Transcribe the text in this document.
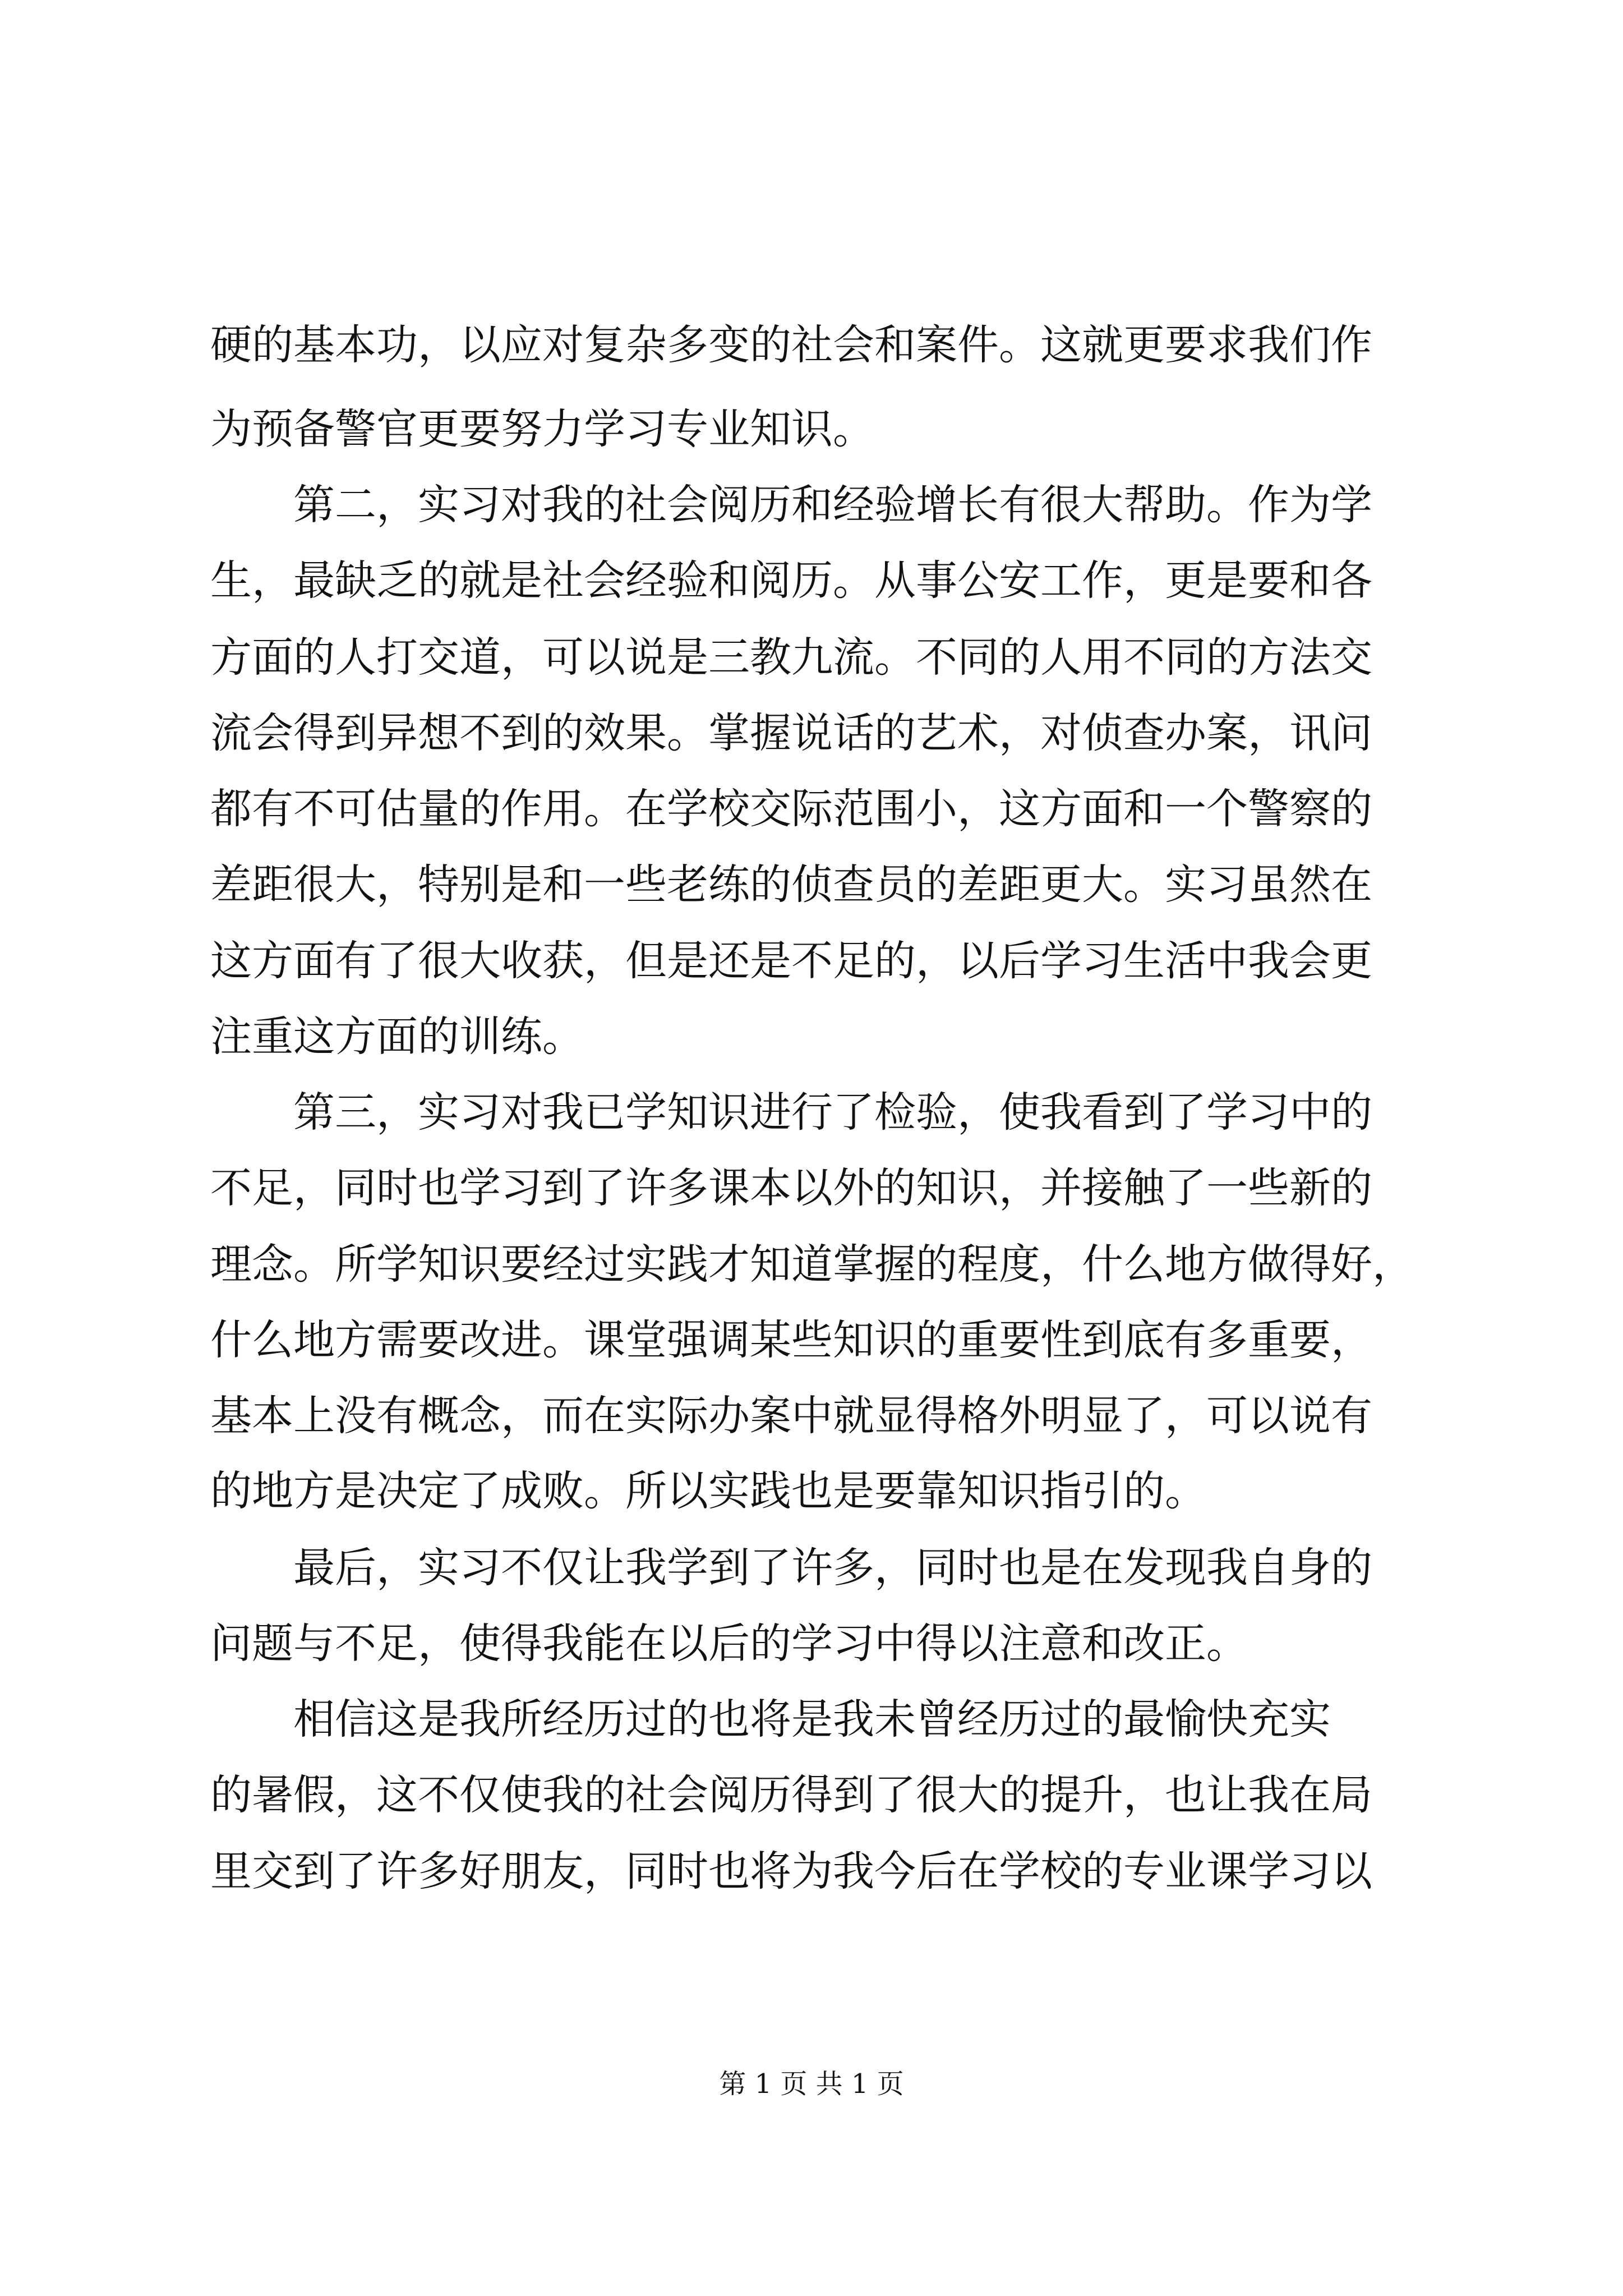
硬的基本功，以应对复杂多变的社会和案件。这就更要求我们作
为预备警官更要努力学习专业知识。
　　第二，实习对我的社会阅历和经验增长有很大帮助。作为学
生，最缺乏的就是社会经验和阅历。从事公安工作，更是要和各
方面的人打交道，可以说是三教九流。不同的人用不同的方法交
流会得到异想不到的效果。掌握说话的艺术，对侦查办案，讯问
都有不可估量的作用。在学校交际范围小，这方面和一个警察的
差距很大，特别是和一些老练的侦查员的差距更大。实习虽然在
这方面有了很大收获，但是还是不足的，以后学习生活中我会更
注重这方面的训练。
　　第三，实习对我已学知识进行了检验，使我看到了学习中的
不足，同时也学习到了许多课本以外的知识，并接触了一些新的
理念。所学知识要经过实践才知道掌握的程度，什么地方做得好，
什么地方需要改进。课堂强调某些知识的重要性到底有多重要，
基本上没有概念，而在实际办案中就显得格外明显了，可以说有
的地方是决定了成败。所以实践也是要靠知识指引的。
　　最后，实习不仅让我学到了许多，同时也是在发现我自身的
问题与不足，使得我能在以后的学习中得以注意和改正。
　　相信这是我所经历过的也将是我未曾经历过的最愉快充实
的暑假，这不仅使我的社会阅历得到了很大的提升，也让我在局
里交到了许多好朋友，同时也将为我今后在学校的专业课学习以
第 1 页 共 1 页
